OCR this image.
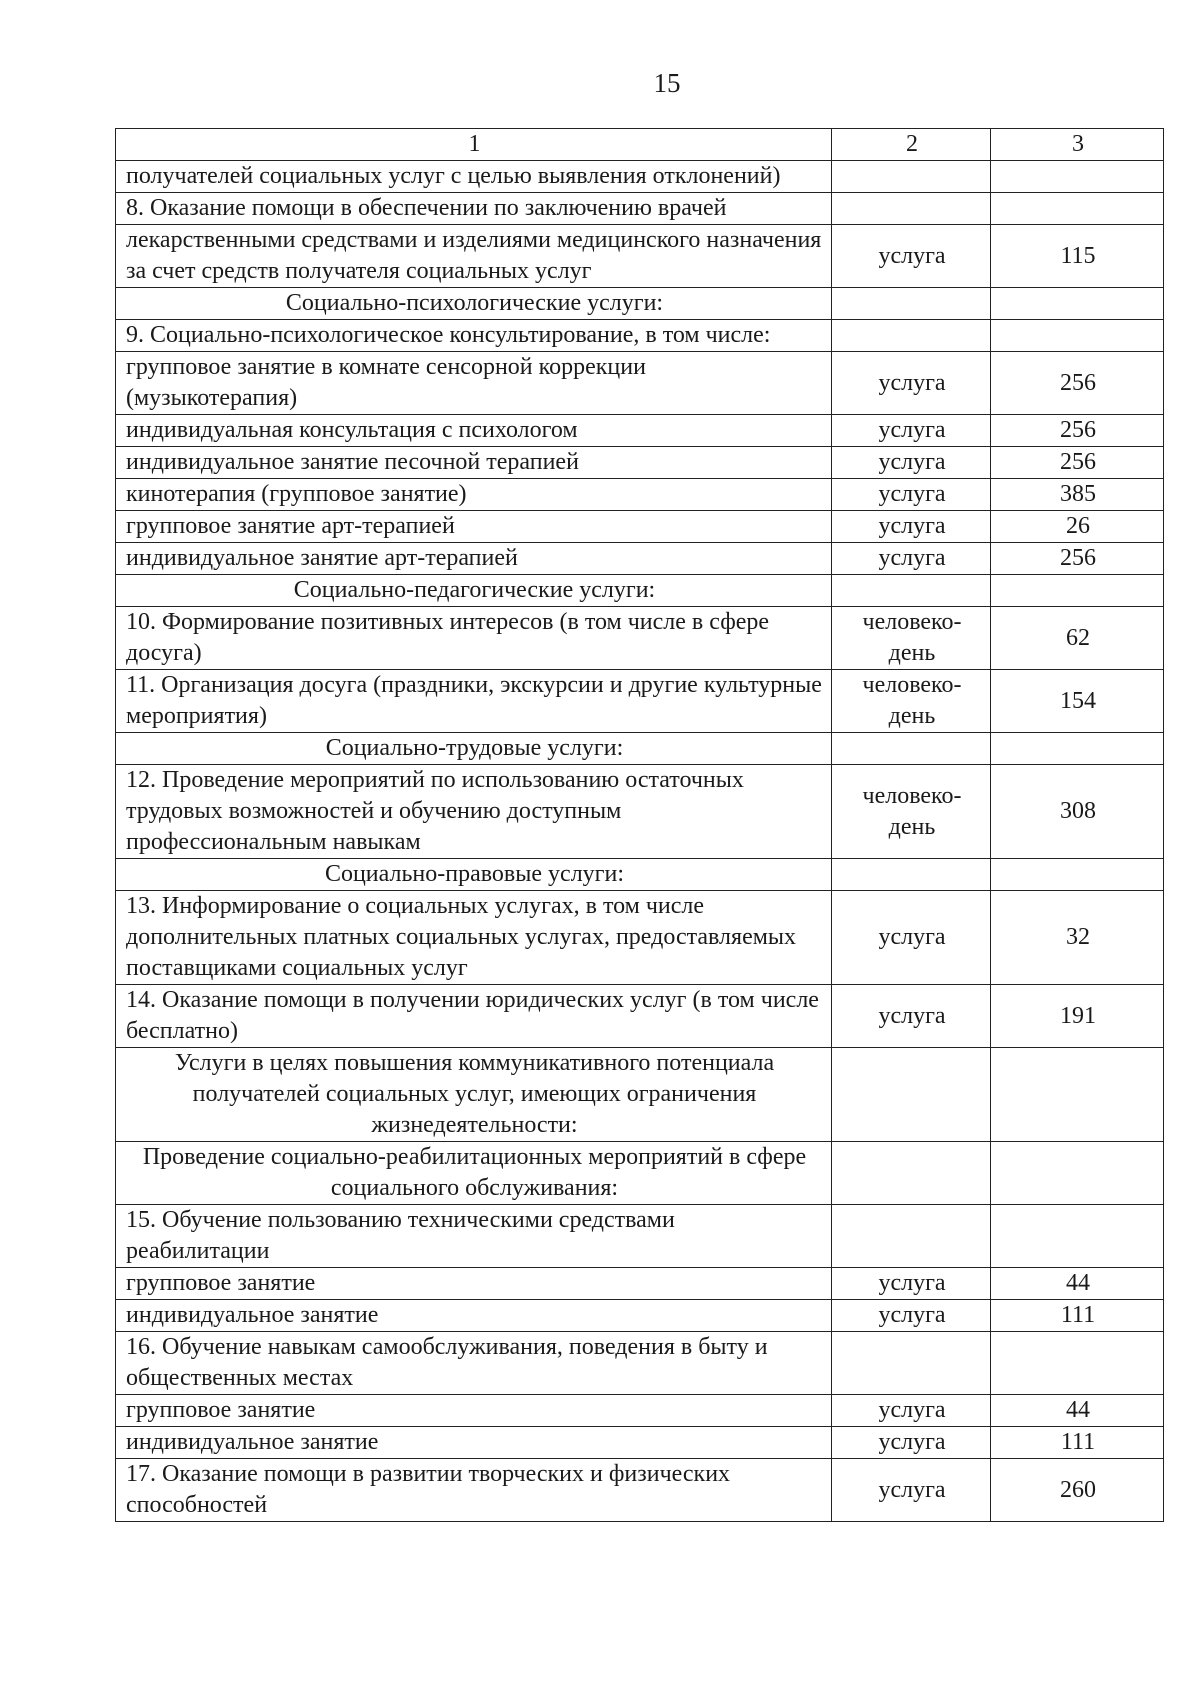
15
1	2	3
получателей социальных услуг с целью выявления отклонений)		
8. Оказание помощи в обеспечении по заключению врачей		
лекарственными средствами и изделиями медицинского назначения за счет средств получателя социальных услуг	услуга	115
Социально-психологические услуги:		
9. Социально-психологическое консультирование, в том числе:		
групповое занятие в комнате сенсорной коррекции (музыкотерапия)	услуга	256
индивидуальная консультация с психологом	услуга	256
индивидуальное занятие песочной терапией	услуга	256
кинотерапия (групповое занятие)	услуга	385
групповое занятие арт-терапией	услуга	26
индивидуальное занятие арт-терапией	услуга	256
Социально-педагогические услуги:		
10. Формирование позитивных интересов (в том числе в сфере досуга)	человеко-день	62
11. Организация досуга (праздники, экскурсии и другие культурные мероприятия)	человеко-день	154
Социально-трудовые услуги:		
12. Проведение мероприятий по использованию остаточных трудовых возможностей и обучению доступным профессиональным навыкам	человеко-день	308
Социально-правовые услуги:		
13. Информирование о социальных услугах, в том числе дополнительных платных социальных услугах, предоставляемых поставщиками социальных услуг	услуга	32
14. Оказание помощи в получении юридических услуг (в том числе бесплатно)	услуга	191
Услуги в целях повышения коммуникативного потенциала получателей социальных услуг, имеющих ограничения жизнедеятельности:		
Проведение социально-реабилитационных мероприятий в сфере социального обслуживания:		
15. Обучение пользованию техническими средствами реабилитации		
групповое занятие	услуга	44
индивидуальное занятие	услуга	111
16. Обучение навыкам самообслуживания, поведения в быту и общественных местах		
групповое занятие	услуга	44
индивидуальное занятие	услуга	111
17. Оказание помощи в развитии творческих и физических способностей	услуга	260
